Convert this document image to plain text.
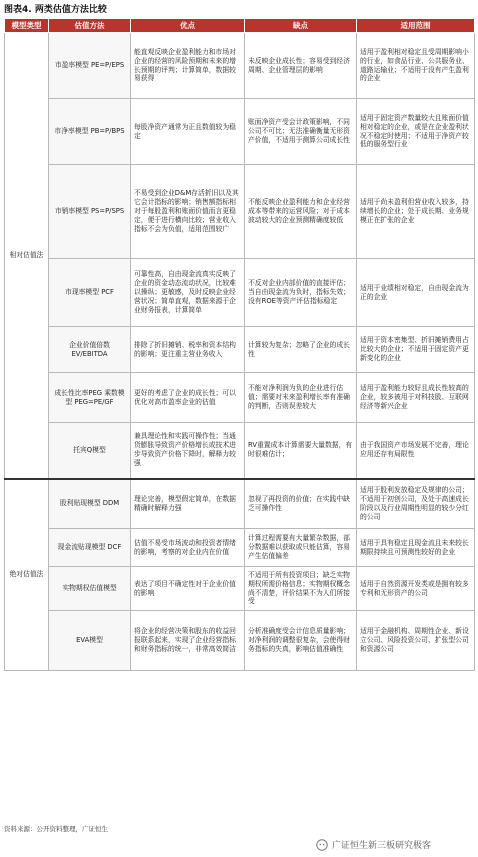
图表4. 两类估值方法比较
模型类型	估值方法	优点	缺点	适用范围
相对估值法	市盈率模型 PE=P/EPS	能直观反映企业盈利能力和市场对企业的经营的风险预期和未来的增长预期的评判；计算简单，数据较易获得	未反映企业成长性；容易受到经济周期、企业管理层的影响	适用于盈利相对稳定且受周期影响小的行业，如食品行业、公共服务业、道路运输业；不适用于没有产生盈利的企业
	市净率模型 PB=P/BPS	每股净资产通常为正且数值较为稳定	账面净资产受会计政策影响，不同公司不可比；无法准确衡量无形资产价值，不适用于测算公司成长性	适用于固定资产数量较大且账面价值相对稳定的企业，或是在企业盈利状况不稳定时使用；不适用于净资产较低的服务型行业
	市销率模型 PS=P/SPS	不易受到企业D&M存活折旧以及其它会计指标的影响；销售额指标相对于每股盈利和账面价值而言更稳定，便于进行横向比较；营业收入指标不会为负值，适用范围较广	不能反映企业盈利能力和企业经营成本等带来的运营风险；对于成本波动较大的企业预测精确度较低	适用于尚未盈利但营业收入较多，持续增长的企业；处于成长期、业务规模正在扩张的企业
	市现率模型 PCF	可靠性高，自由现金流真实反映了企业的资金动态流动状况，比较难以操纵；更敏感，及时反映企业经营状况；简单直观，数据来源于企业财务报表，计算简单	不反对企业内部价值的直接评估；当自由现金流为负时，指标失效；没有ROE等资产评估指标稳定	适用于业绩相对稳定，自由现金流为正的企业
	企业价值倍数 EV/EBITDA	排除了折旧摊销、税率和资本结构的影响；更注重主营业务收入	计算较为复杂；忽略了企业的成长性	适用于资本密集型、折旧摊销费用占比较大的企业；不适用于固定资产更新变化的企业
	成长性比率PEG 乘数模型 PEG=PE/GF	更好的考虑了企业的成长性；可以优化对高市盈率企业的估值	不能对净利润为负的企业进行估值；需要对未来盈利增长率有准确的判断，否则误差较大	适用于盈利能力较好且成长性较高的企业，较多被用于对科技股、互联网经济等新兴企业
	托宾Q模型	兼具理论性和实践可操作性；当通货膨胀导致资产价格增长或技术进步导致资产价格下降时，解释力较强	RV重置成本计算需要大量数据，有时很难估计；	由于我国资产市场发展不完善，理论应用还存有局限性
绝对估值法	股利贴现模型 DDM	理论完善，模型假定简单，在数据精确时解释力强	忽视了再投资的价值；在实践中缺乏可操作性	适用于股利发放稳定及规律的公司；不适用于初创公司，及处于高速成长阶段以及行业周期性明显的较少分红的公司
	现金流贴现模型 DCF	估值不易受市场波动和投资者情绪的影响，考察的对企业内在价值	计算过程需要有大量繁杂数据，部分数据难以获取或只能估算，容易产生估值偏差	适用于具有稳定且现金流且未来较长期限持续且可预测性较好的企业
	实物期权估值模型	表达了项目不确定性对于企业价值的影响	不适用于所有投资项目；缺乏实物期权所需价格信息；实物期权概念尚不清楚，评价结果不为人们所接受	适用于自然资源开发类或是拥有较多专利和无形资产的公司
	EVA模型	将企业的经营决策和股东的收益回报联系起来，实现了企业经营指标和财务指标的统一，非常高效简洁	分析准确度受会计信息质量影响；对净利润的调整很复杂，会使得财务指标的失真，影响估值准确性	适用于金融机构、周期性企业、新设立公司、风险投资公司、扩张型公司和资源公司
资料来源：公开资料整理，广证恒生
广证恒生新三板研究极客
